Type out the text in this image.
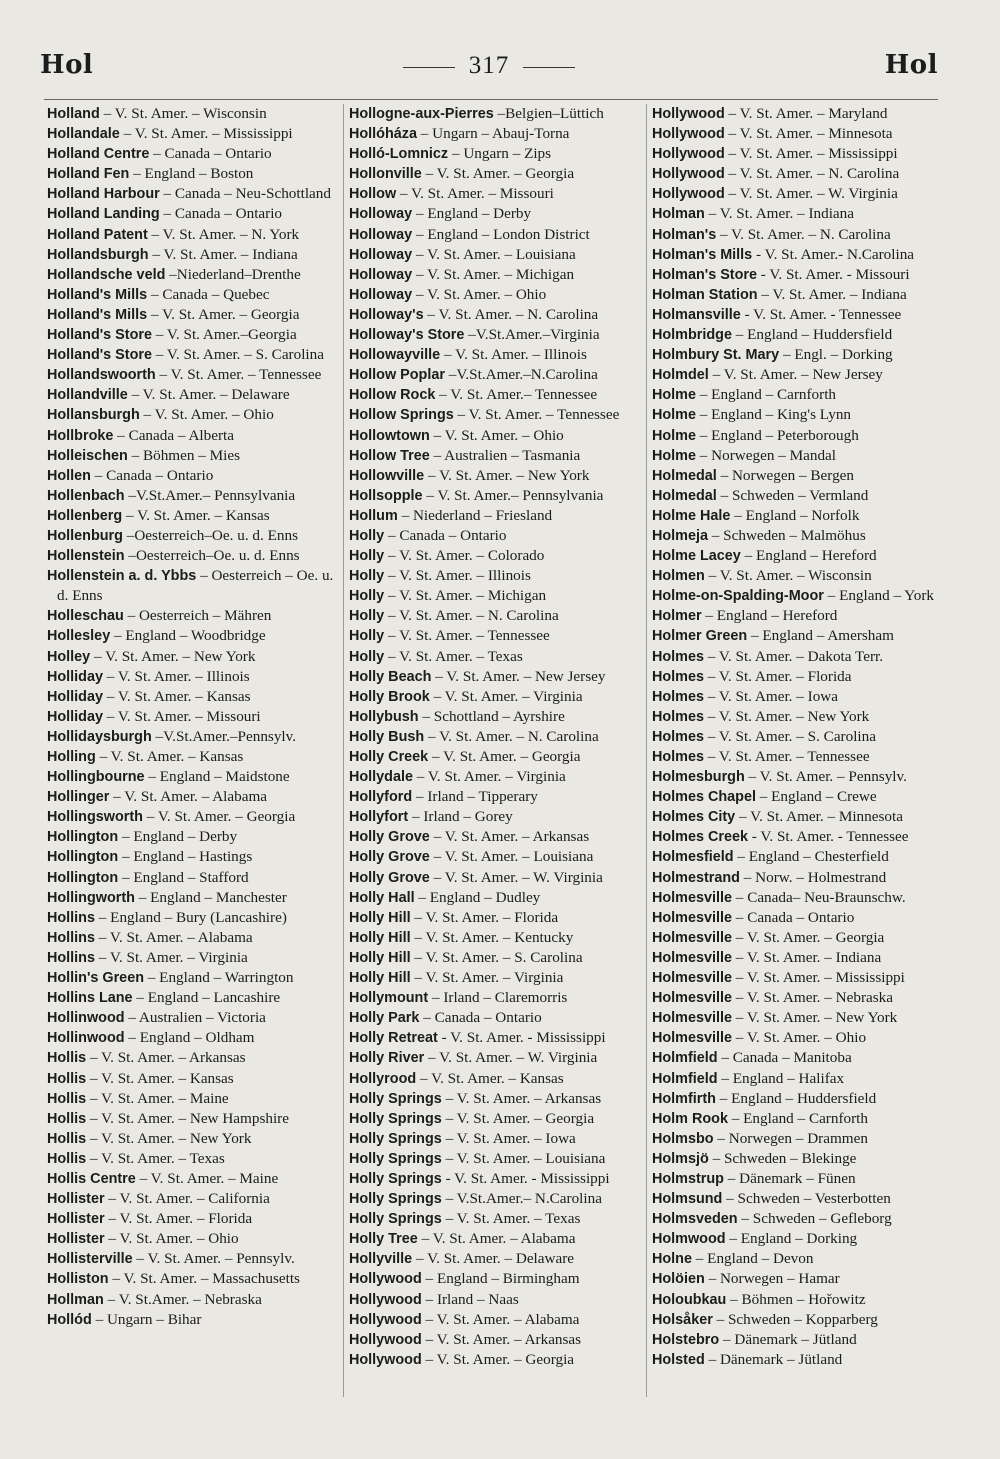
Hol	317	Hol
Holland – V. St. Amer. – Wisconsin
Hollandale – V. St. Amer. – Mississippi
Holland Centre – Canada – Ontario
Holland Fen – England – Boston
Holland Harbour – Canada – Neu-Schottland
Holland Landing – Canada – Ontario
Holland Patent – V. St. Amer. – N. York
Hollandsburgh – V. St. Amer. – Indiana
Hollandsche veld –Niederland–Drenthe
Holland's Mills – Canada – Quebec
Holland's Mills – V. St. Amer. – Georgia
Holland's Store – V. St. Amer.–Georgia
Holland's Store – V. St. Amer. – S. Carolina
Hollandswoorth – V. St. Amer. – Tennessee
Hollandville – V. St. Amer. – Delaware
Hollansburgh – V. St. Amer. – Ohio
Hollbroke – Canada – Alberta
Holleischen – Böhmen – Mies
Hollen – Canada – Ontario
Hollenbach –V.St.Amer.– Pennsylvania
Hollenberg – V. St. Amer. – Kansas
Hollenburg –Oesterreich–Oe. u. d. Enns
Hollenstein –Oesterreich–Oe. u. d. Enns
Hollenstein a. d. Ybbs – Oesterreich – Oe. u. d. Enns
Holleschau – Oesterreich – Mähren
Hollesley – England – Woodbridge
Holley – V. St. Amer. – New York
Holliday – V. St. Amer. – Illinois
Holliday – V. St. Amer. – Kansas
Holliday – V. St. Amer. – Missouri
Hollidaysburgh –V.St.Amer.–Pennsylv.
Holling – V. St. Amer. – Kansas
Hollingbourne – England – Maidstone
Hollinger – V. St. Amer. – Alabama
Hollingsworth – V. St. Amer. – Georgia
Hollington – England – Derby
Hollington – England – Hastings
Hollington – England – Stafford
Hollingworth – England – Manchester
Hollins – England – Bury (Lancashire)
Hollins – V. St. Amer. – Alabama
Hollins – V. St. Amer. – Virginia
Hollin's Green – England – Warrington
Hollins Lane – England – Lancashire
Hollinwood – Australien – Victoria
Hollinwood – England – Oldham
Hollis – V. St. Amer. – Arkansas
Hollis – V. St. Amer. – Kansas
Hollis – V. St. Amer. – Maine
Hollis – V. St. Amer. – New Hampshire
Hollis – V. St. Amer. – New York
Hollis – V. St. Amer. – Texas
Hollis Centre – V. St. Amer. – Maine
Hollister – V. St. Amer. – California
Hollister – V. St. Amer. – Florida
Hollister – V. St. Amer. – Ohio
Hollisterville – V. St. Amer. – Pennsylv.
Holliston – V. St. Amer. – Massachusetts
Hollman – V. St.Amer. – Nebraska
Hollód – Ungarn – Bihar
Hollogne-aux-Pierres –Belgien–Lüttich
Hollóháza – Ungarn – Abauj-Torna
Holló-Lomnicz – Ungarn – Zips
Hollonville – V. St. Amer. – Georgia
Hollow – V. St. Amer. – Missouri
Holloway – England – Derby
Holloway – England – London District
Holloway – V. St. Amer. – Louisiana
Holloway – V. St. Amer. – Michigan
Holloway – V. St. Amer. – Ohio
Holloway's – V. St. Amer. – N. Carolina
Holloway's Store –V.St.Amer.–Virginia
Hollowayville – V. St. Amer. – Illinois
Hollow Poplar –V.St.Amer.–N.Carolina
Hollow Rock – V. St. Amer.– Tennessee
Hollow Springs – V. St. Amer. – Tennessee
Hollowtown – V. St. Amer. – Ohio
Hollow Tree – Australien – Tasmania
Hollowville – V. St. Amer. – New York
Hollsopple – V. St. Amer.– Pennsylvania
Hollum – Niederland – Friesland
Holly – Canada – Ontario
Holly – V. St. Amer. – Colorado
Holly – V. St. Amer. – Illinois
Holly – V. St. Amer. – Michigan
Holly – V. St. Amer. – N. Carolina
Holly – V. St. Amer. – Tennessee
Holly – V. St. Amer. – Texas
Holly Beach – V. St. Amer. – New Jersey
Holly Brook – V. St. Amer. – Virginia
Hollybush – Schottland – Ayrshire
Holly Bush – V. St. Amer. – N. Carolina
Holly Creek – V. St. Amer. – Georgia
Hollydale – V. St. Amer. – Virginia
Hollyford – Irland – Tipperary
Hollyfort – Irland – Gorey
Holly Grove – V. St. Amer. – Arkansas
Holly Grove – V. St. Amer. – Louisiana
Holly Grove – V. St. Amer. – W. Virginia
Holly Hall – England – Dudley
Holly Hill – V. St. Amer. – Florida
Holly Hill – V. St. Amer. – Kentucky
Holly Hill – V. St. Amer. – S. Carolina
Holly Hill – V. St. Amer. – Virginia
Hollymount – Irland – Claremorris
Holly Park – Canada – Ontario
Holly Retreat - V. St. Amer. - Mississippi
Holly River – V. St. Amer. – W. Virginia
Hollyrood – V. St. Amer. – Kansas
Holly Springs – V. St. Amer. – Arkansas
Holly Springs – V. St. Amer. – Georgia
Holly Springs – V. St. Amer. – Iowa
Holly Springs – V. St. Amer. – Louisiana
Holly Springs - V. St. Amer. - Mississippi
Holly Springs – V.St.Amer.– N.Carolina
Holly Springs – V. St. Amer. – Texas
Holly Tree – V. St. Amer. – Alabama
Hollyville – V. St. Amer. – Delaware
Hollywood – England – Birmingham
Hollywood – Irland – Naas
Hollywood – V. St. Amer. – Alabama
Hollywood – V. St. Amer. – Arkansas
Hollywood – V. St. Amer. – Georgia
Hollywood – V. St. Amer. – Maryland
Hollywood – V. St. Amer. – Minnesota
Hollywood – V. St. Amer. – Mississippi
Hollywood – V. St. Amer. – N. Carolina
Hollywood – V. St. Amer. – W. Virginia
Holman – V. St. Amer. – Indiana
Holman's – V. St. Amer. – N. Carolina
Holman's Mills - V. St. Amer.- N.Carolina
Holman's Store - V. St. Amer. - Missouri
Holman Station – V. St. Amer. – Indiana
Holmansville - V. St. Amer. - Tennessee
Holmbridge – England – Huddersfield
Holmbury St. Mary – Engl. – Dorking
Holmdel – V. St. Amer. – New Jersey
Holme – England – Carnforth
Holme – England – King's Lynn
Holme – England – Peterborough
Holme – Norwegen – Mandal
Holmedal – Norwegen – Bergen
Holmedal – Schweden – Vermland
Holme Hale – England – Norfolk
Holmeja – Schweden – Malmöhus
Holme Lacey – England – Hereford
Holmen – V. St. Amer. – Wisconsin
Holme-on-Spalding-Moor – England – York
Holmer – England – Hereford
Holmer Green – England – Amersham
Holmes – V. St. Amer. – Dakota Terr.
Holmes – V. St. Amer. – Florida
Holmes – V. St. Amer. – Iowa
Holmes – V. St. Amer. – New York
Holmes – V. St. Amer. – S. Carolina
Holmes – V. St. Amer. – Tennessee
Holmesburgh – V. St. Amer. – Pennsylv.
Holmes Chapel – England – Crewe
Holmes City – V. St. Amer. – Minnesota
Holmes Creek - V. St. Amer. - Tennessee
Holmesfield – England – Chesterfield
Holmestrand – Norw. – Holmestrand
Holmesville – Canada– Neu-Braunschw.
Holmesville – Canada – Ontario
Holmesville – V. St. Amer. – Georgia
Holmesville – V. St. Amer. – Indiana
Holmesville – V. St. Amer. – Mississippi
Holmesville – V. St. Amer. – Nebraska
Holmesville – V. St. Amer. – New York
Holmesville – V. St. Amer. – Ohio
Holmfield – Canada – Manitoba
Holmfield – England – Halifax
Holmfirth – England – Huddersfield
Holm Rook – England – Carnforth
Holmsbo – Norwegen – Drammen
Holmsjö – Schweden – Blekinge
Holmstrup – Dänemark – Fünen
Holmsund – Schweden – Vesterbotten
Holmsveden – Schweden – Gefleborg
Holmwood – England – Dorking
Holne – England – Devon
Holöien – Norwegen – Hamar
Holoubkau – Böhmen – Hořowitz
Holsåker – Schweden – Kopparberg
Holstebro – Dänemark – Jütland
Holsted – Dänemark – Jütland
